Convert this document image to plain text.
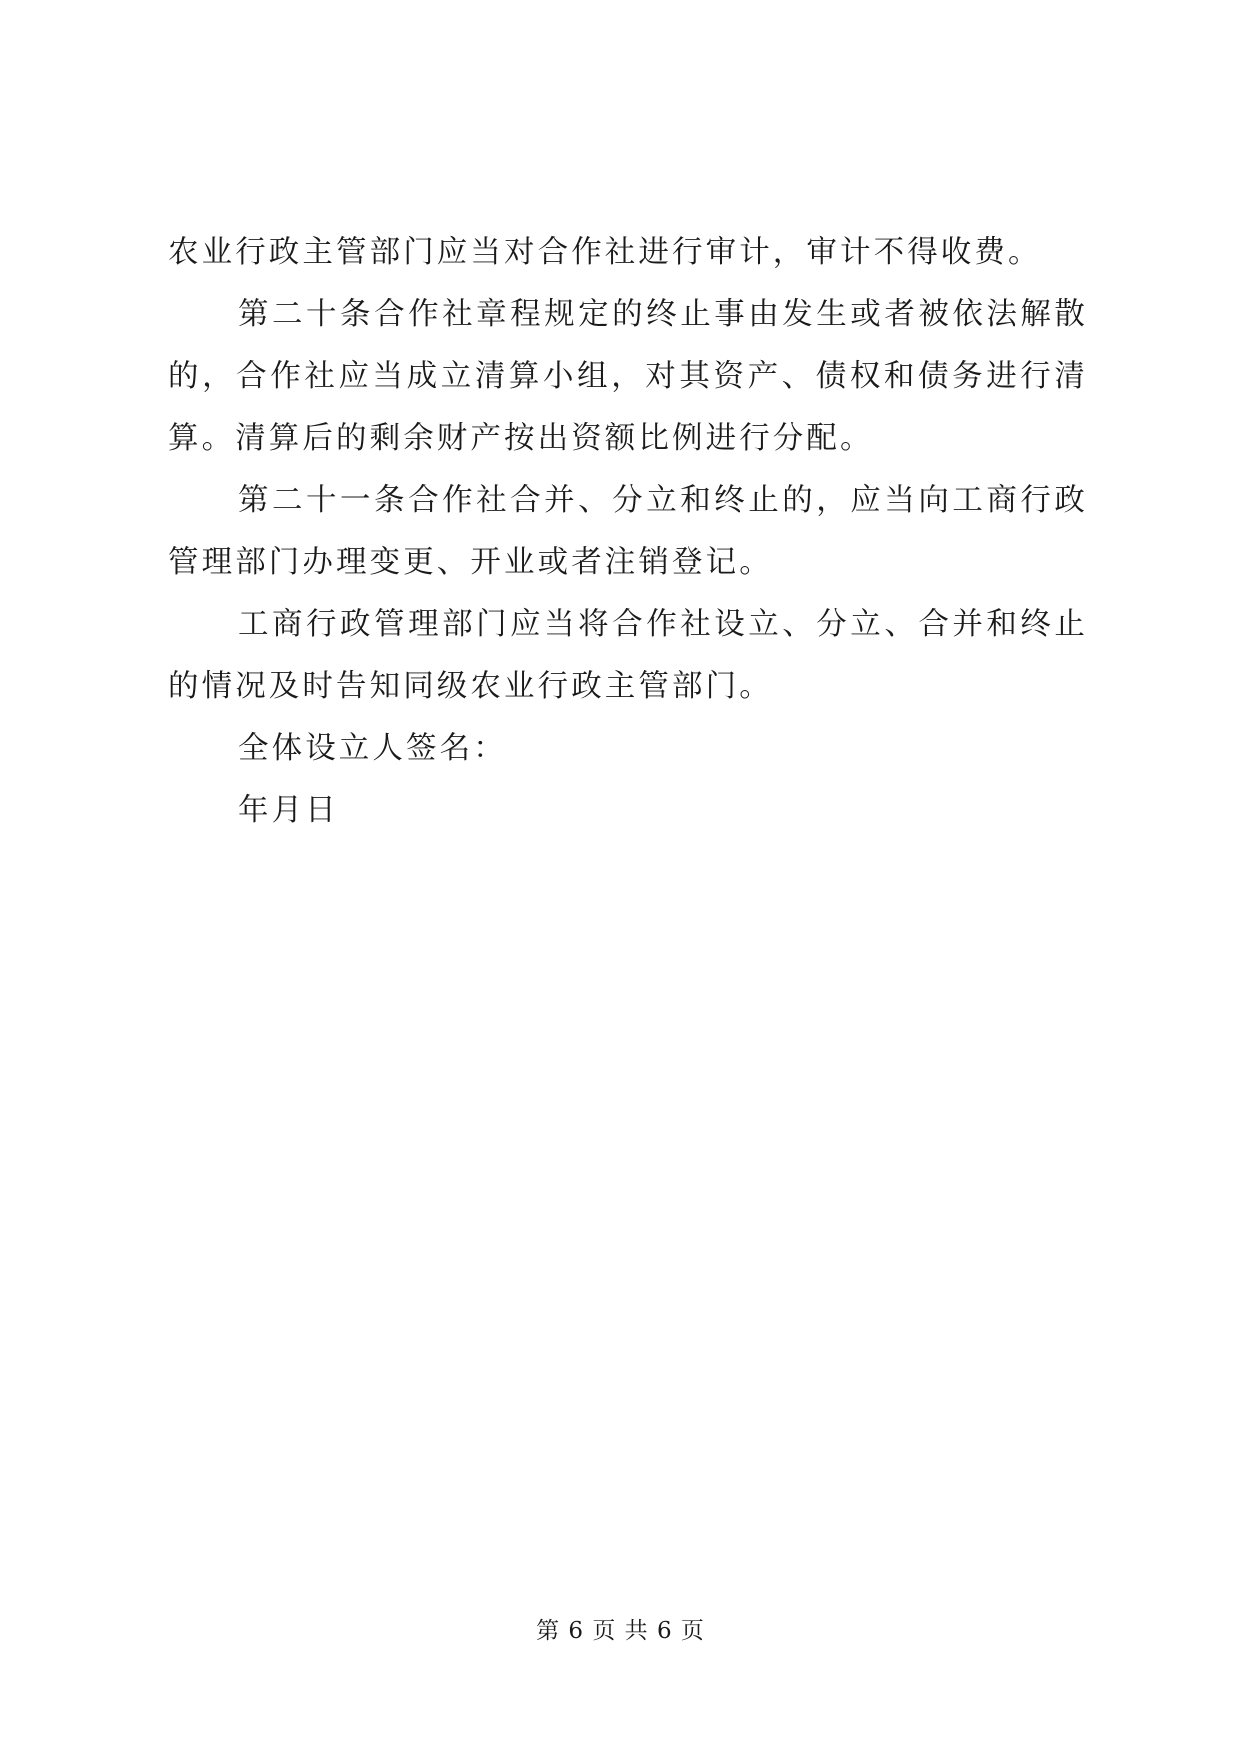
农业行政主管部门应当对合作社进行审计，审计不得收费。

第二十条合作社章程规定的终止事由发生或者被依法解散的，合作社应当成立清算小组，对其资产、债权和债务进行清算。清算后的剩余财产按出资额比例进行分配。

第二十一条合作社合并、分立和终止的，应当向工商行政管理部门办理变更、开业或者注销登记。

工商行政管理部门应当将合作社设立、分立、合并和终止的情况及时告知同级农业行政主管部门。

全体设立人签名：

年月日

第 6 页 共 6 页
